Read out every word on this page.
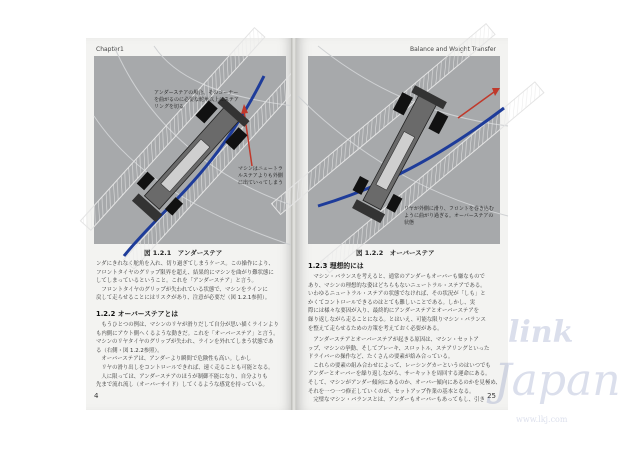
Chapter1
アンダーステアの場合、そのコーナーを曲がるのに必要な舵角以上にステアリングを切る
マシンはニュートラルステアよりも外側に出ていってしまう
図 1.2.1　アンダーステア
ンダにきれなく舵角を入れ、切り過ぎてしまうケース。この操作により、
フロントタイヤのグリップ限界を超え、結果的にマシンを曲がり難状態に
してしまっているということ。これを「アンダーステア」と言う。
　フロントタイヤのグリップが失われている状態で、マシンをラインに
戻して走らせることにはリスクがあり、注意が必要だ（図 1.2.1参照）。
1.2.2 オーバーステアとは
　もうひとつの例は、マシンのリヤが滑りだして自分が思い描くラインより
も内側にアウト側へくるような動きだ。これを「オーバーステア」と言う。
マシンのリヤタイヤのグリップが失われ、ラインを外れてしまう状態であ
る（右側・図 1.2.2参照）。
　オーバーステアは、アンダーより瞬間で危険性も高い。しかし
　リヤの滑り出しをコントロールできれば、速く走ることも可能となる。
　人に限っては、アンダーステアのほうが制御不能になり、自分よりも
先まで流れ流し（オーバーサイド）してくるような感覚を持っている。
4
Balance and Weight Transfer
リヤが外側に滑り、フロントを巻き込むように曲がり過ぎる。オーバーステアの状態
図 1.2.2　オーバーステア
1.2.3 理想的には
　マシン・バランスを考えると、通常のアンダーもオーバーも嫌なもので
あり、マシンの理想的な姿はどちらもないニュートラル・ステアである。
いわゆるニュートラル・ステアの状態でなければ、その状況が「しも」と
かくてコントロールできるのはとても難しいことである。しかし、実
際には様々な要因が入り、最終的にアンダーステアとオーバーステアを
繰り返しながら走ることになる。とはいえ、可能な限りマシン・バランス
を整えて走らせるための方策を考えておく必要がある。
　アンダーステアとオーバーステアが起きる原因は、マシン・セットア
ップ、マシンの挙動、そしてブレーキ、スロットル、ステアリングといった
ドライバーの操作など、たくさんの要素が絡み合っている。
　これらの要素の組み合わせによって、レーシングカーというのはいつでも
アンダーとオーバーを繰り返しながら、サーキットを周回する運命にある。
そして、マシンがアンダー傾向にあるのか、オーバー傾向にあるのかを見極め、
それを一つ一つ修正していくのが、セットアップ作業の基本となる。
　完璧なマシン・バランスとは、アンダーもオーバーもあってもし、引き
25
link
Japan
www.lkj.com
